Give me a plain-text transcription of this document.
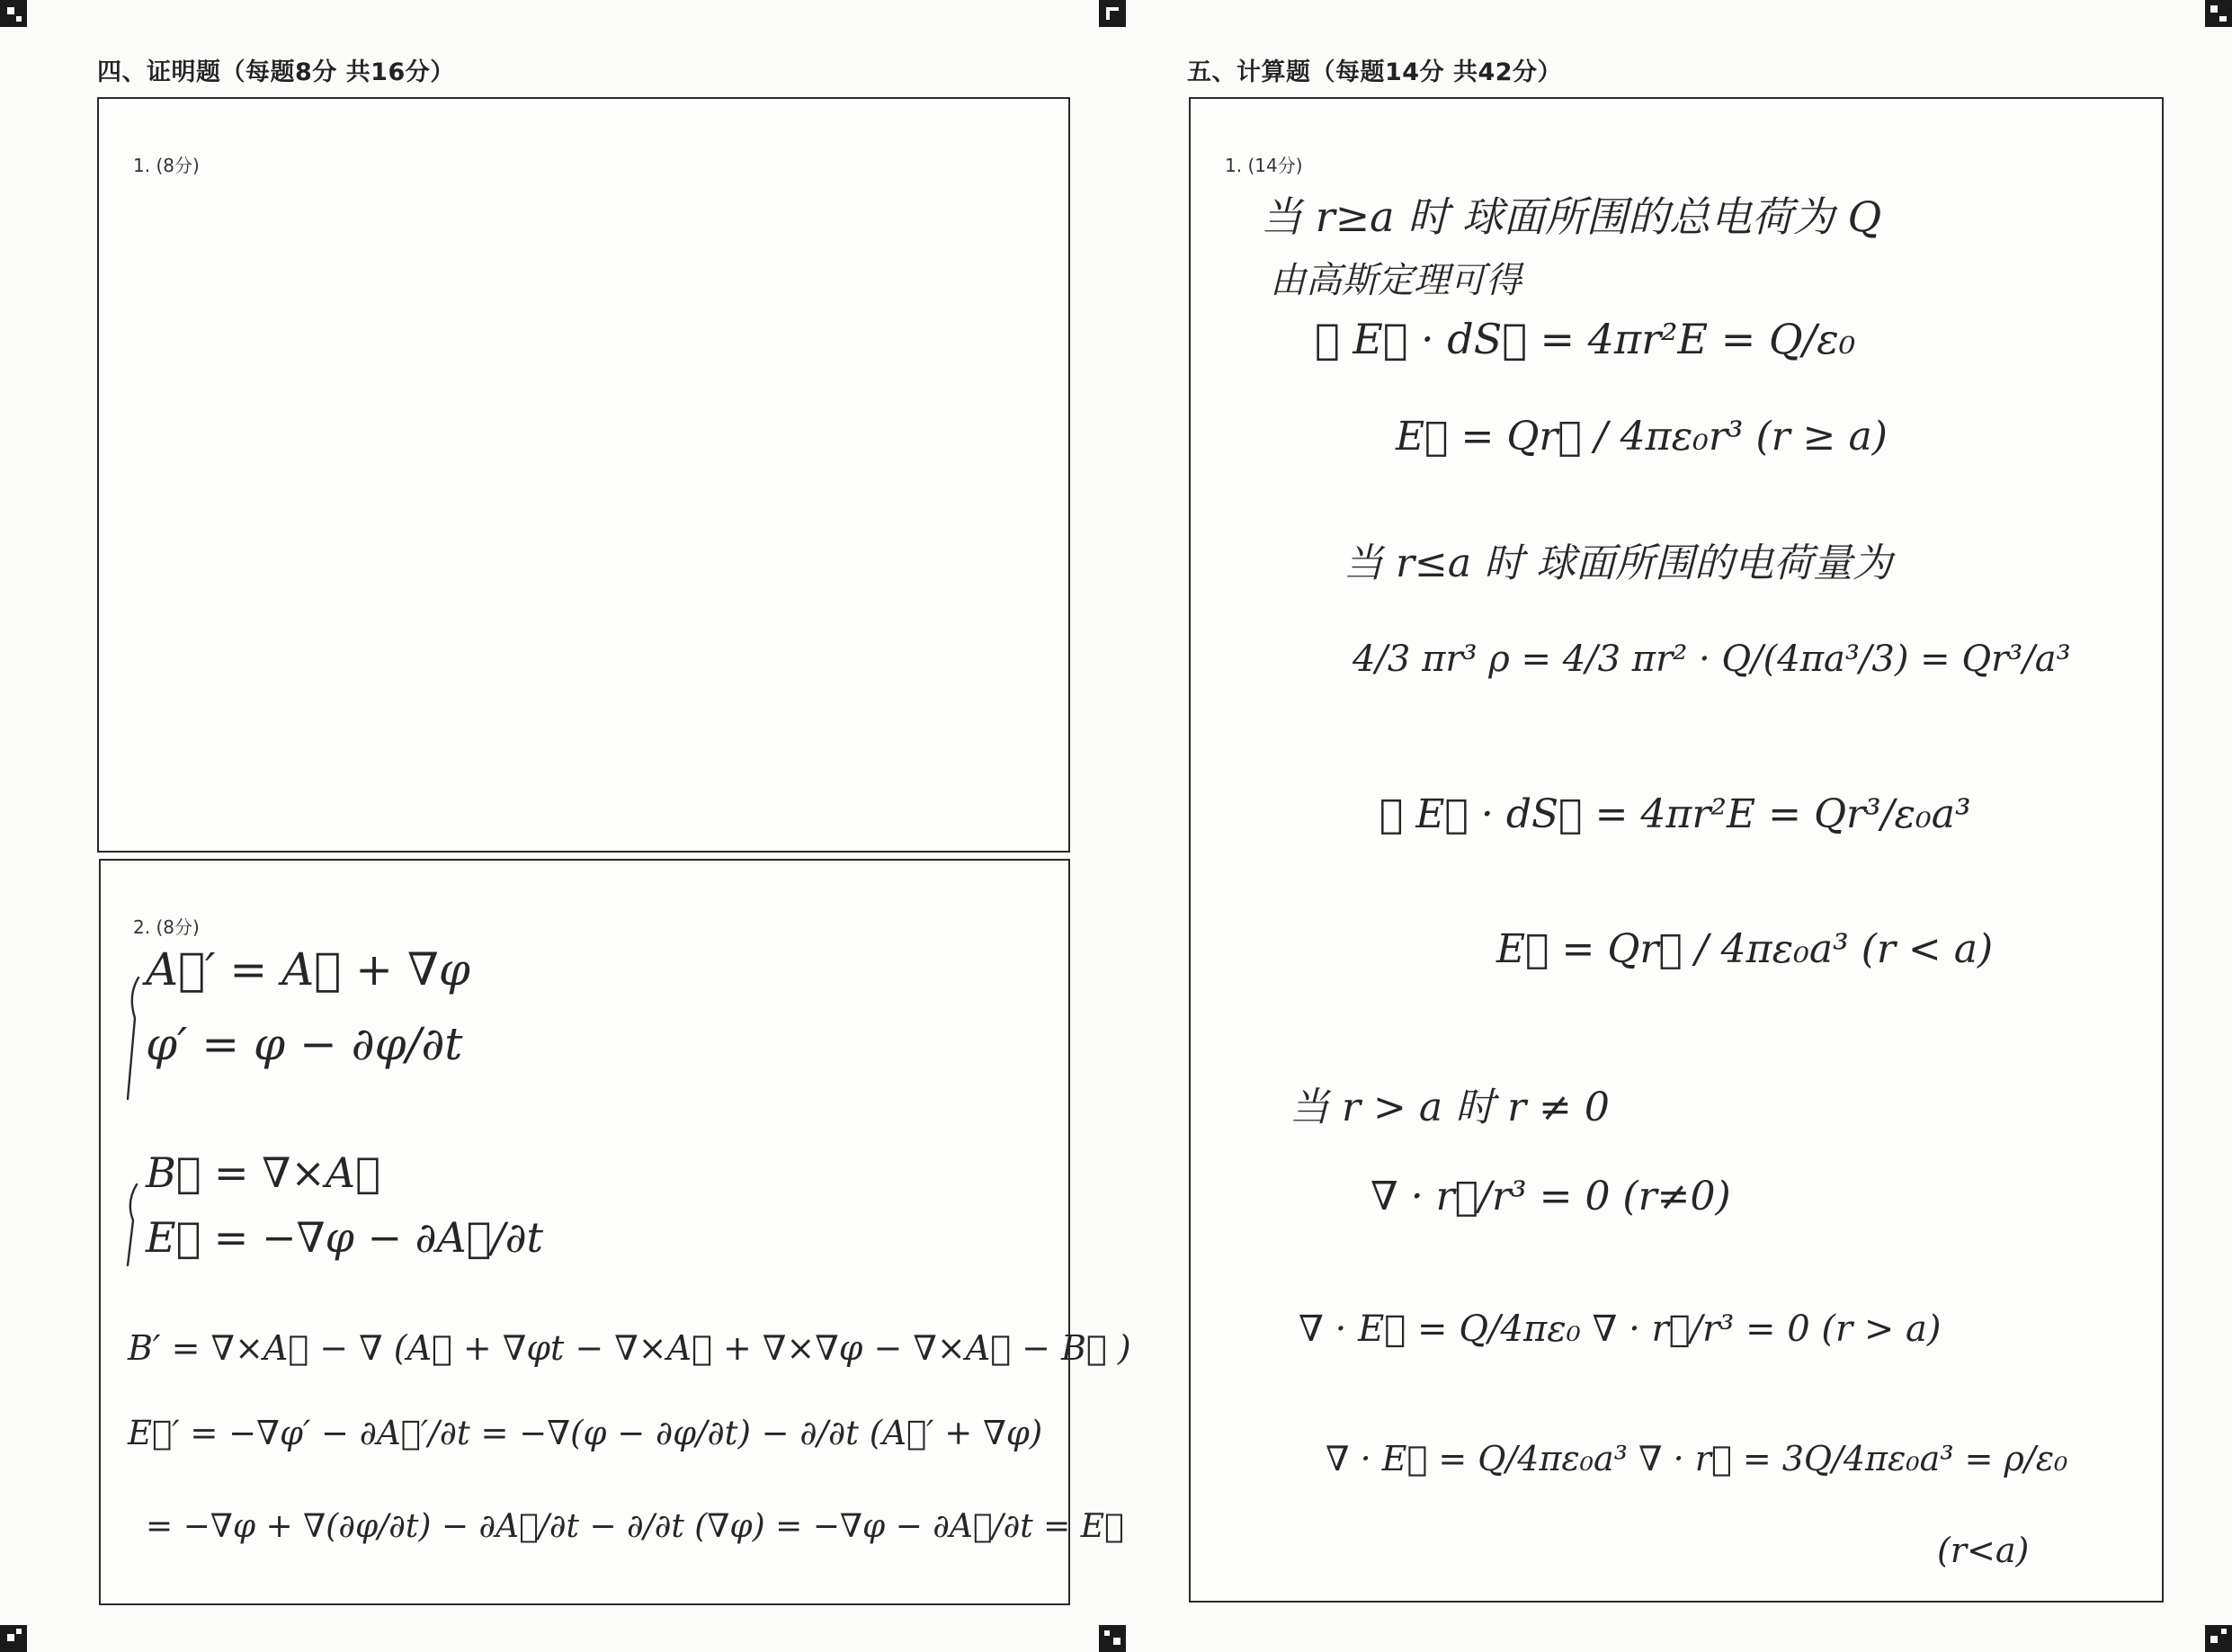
四、证明题（每题8分 共16分）	五、计算题（每题14分 共42分）
1. (8分)
2. (8分)
A⃗′ = A⃗ + ∇φ
φ′ = φ − ∂φ/∂t
B⃗ = ∇×A⃗
E⃗ = −∇φ − ∂A⃗/∂t
B′ = ∇×A⃗ − ∇ (A⃗ + ∇φt − ∇×A⃗ + ∇×∇φ − ∇×A⃗ − B⃗ )
E⃗′ = −∇φ′ − ∂A⃗′/∂t = −∇(φ − ∂φ/∂t) − ∂/∂t (A⃗′ + ∇φ)
= −∇φ + ∇(∂φ/∂t) − ∂A⃗/∂t − ∂/∂t (∇φ) = −∇φ − ∂A⃗/∂t = E⃗
1. (14分)
当 r≥a 时 球面所围的总电荷为 Q
由高斯定理可得
∮ E⃗ · dS⃗ = 4πr²E = Q/ε₀
E⃗ = Qr⃗ / 4πε₀r³ (r ≥ a)
当 r≤a 时 球面所围的电荷量为
4/3 πr³ ρ = 4/3 πr² · Q/(4πa³/3) = Qr³/a³
∮ E⃗ · dS⃗ = 4πr²E = Qr³/ε₀a³
E⃗ = Qr⃗ / 4πε₀a³ (r < a)
当 r > a 时 r ≠ 0
∇ · r⃗/r³ = 0 (r≠0)
∇ · E⃗ = Q/4πε₀ ∇ · r⃗/r³ = 0 (r > a)
∇ · E⃗ = Q/4πε₀a³ ∇ · r⃗ = 3Q/4πε₀a³ = ρ/ε₀
(r<a)
